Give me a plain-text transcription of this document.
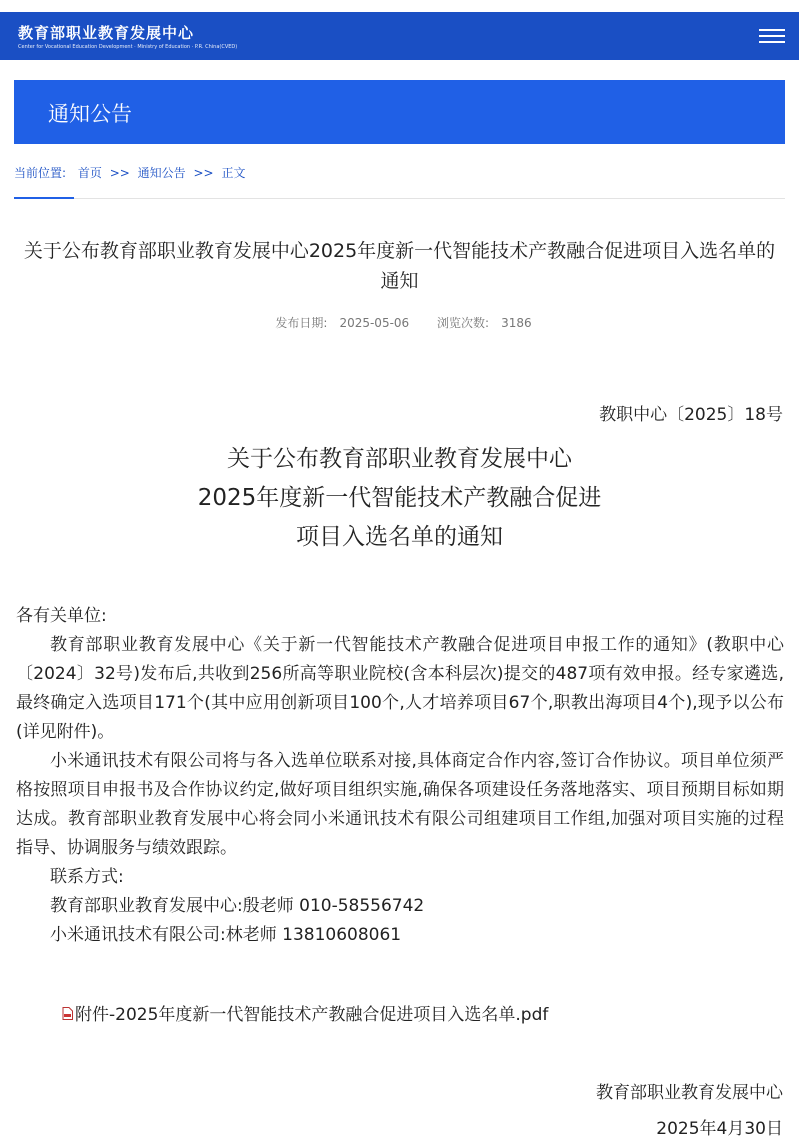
教育部职业教育发展中心
Center for Vocational Education Development · Ministry of Education · P.R. China(CVED)
通知公告
当前位置: 首页 >> 通知公告 >> 正文
关于公布教育部职业教育发展中心2025年度新一代智能技术产教融合促进项目入选名单的通知
发布日期: 2025-05-06 浏览次数: 3186
教职中心〔2025〕18号
关于公布教育部职业教育发展中心
2025年度新一代智能技术产教融合促进
项目入选名单的通知

各有关单位:

教育部职业教育发展中心《关于新一代智能技术产教融合促进项目申报工作的通知》(教职中心〔2024〕32号)发布后,共收到256所高等职业院校(含本科层次)提交的487项有效申报。经专家遴选,最终确定入选项目171个(其中应用创新项目100个,人才培养项目67个,职教出海项目4个),现予以公布(详见附件)。

小米通讯技术有限公司将与各入选单位联系对接,具体商定合作内容,签订合作协议。项目单位须严格按照项目申报书及合作协议约定,做好项目组织实施,确保各项建设任务落地落实、项目预期目标如期达成。教育部职业教育发展中心将会同小米通讯技术有限公司组建项目工作组,加强对项目实施的过程指导、协调服务与绩效跟踪。

联系方式:

教育部职业教育发展中心:殷老师 010-58556742

小米通讯技术有限公司:林老师 13810608061

附件-2025年度新一代智能技术产教融合促进项目入选名单.pdf
教育部职业教育发展中心
2025年4月30日
